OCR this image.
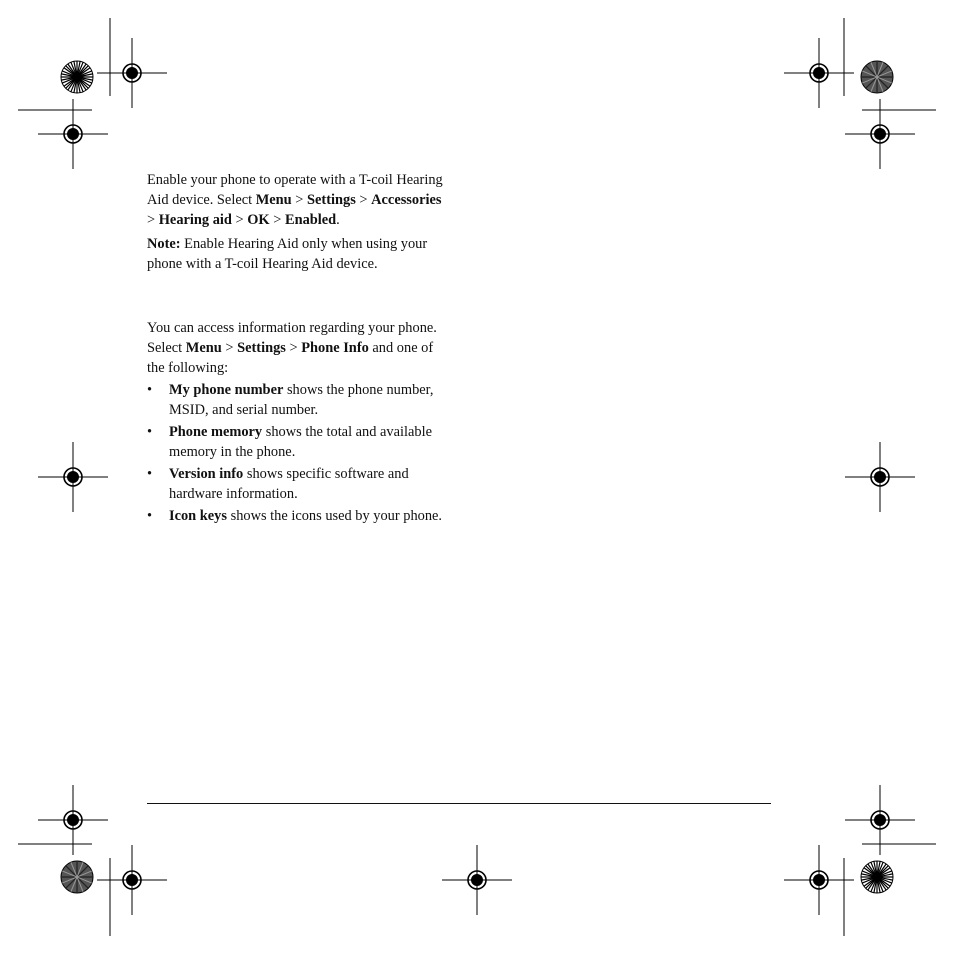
Enable your phone to operate with a T-coil Hearing Aid device. Select Menu > Settings > Accessories > Hearing aid > OK > Enabled.

Note: Enable Hearing Aid only when using your phone with a T-coil Hearing Aid device.

You can access information regarding your phone. Select Menu > Settings > Phone Info and one of the following:

• My phone number shows the phone number, MSID, and serial number.
• Phone memory shows the total and available memory in the phone.
• Version info shows specific software and hardware information.
• Icon keys shows the icons used by your phone.
